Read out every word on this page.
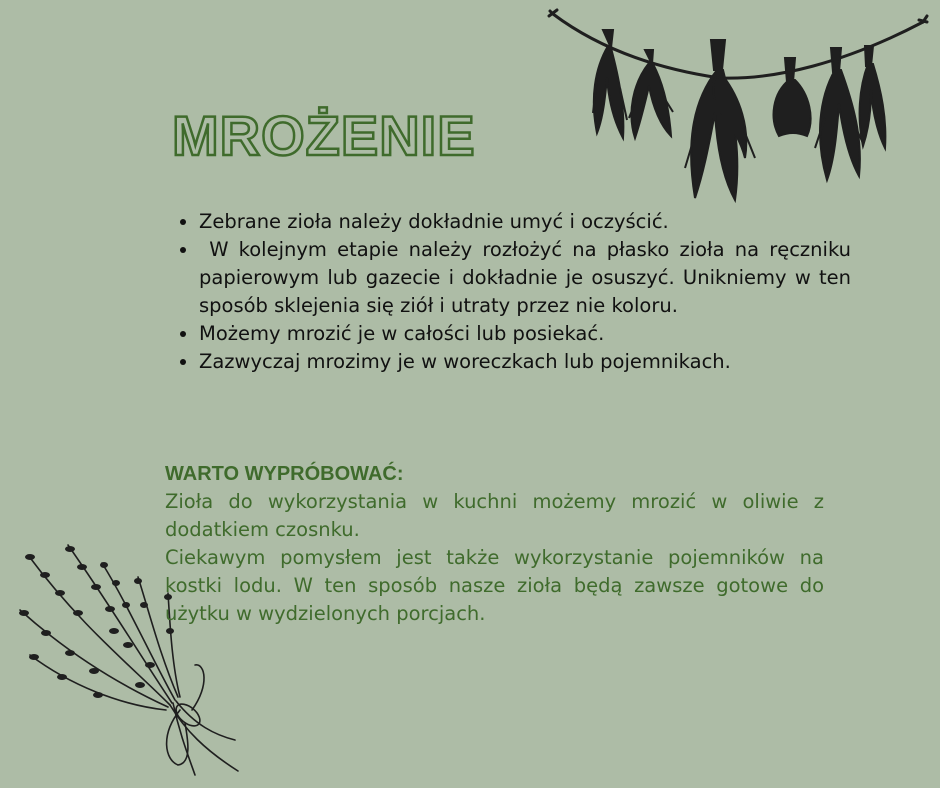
MROŻENIE
• Zebrane zioła należy dokładnie umyć i oczyścić.
•  W kolejnym etapie należy rozłożyć na płasko zioła na ręczniku papierowym lub gazecie i dokładnie je osuszyć. Unikniemy w ten sposób sklejenia się ziół i utraty przez nie koloru.
• Możemy mrozić je w całości lub posiekać.
• Zazwyczaj mrozimy je w woreczkach lub pojemnikach.
WARTO WYPRÓBOWAĆ:

Zioła do wykorzystania w kuchni możemy mrozić w oliwie z dodatkiem czosnku.

Ciekawym pomysłem jest także wykorzystanie pojemników na kostki lodu. W ten sposób nasze zioła będą zawsze gotowe do użytku w wydzielonych porcjach.
